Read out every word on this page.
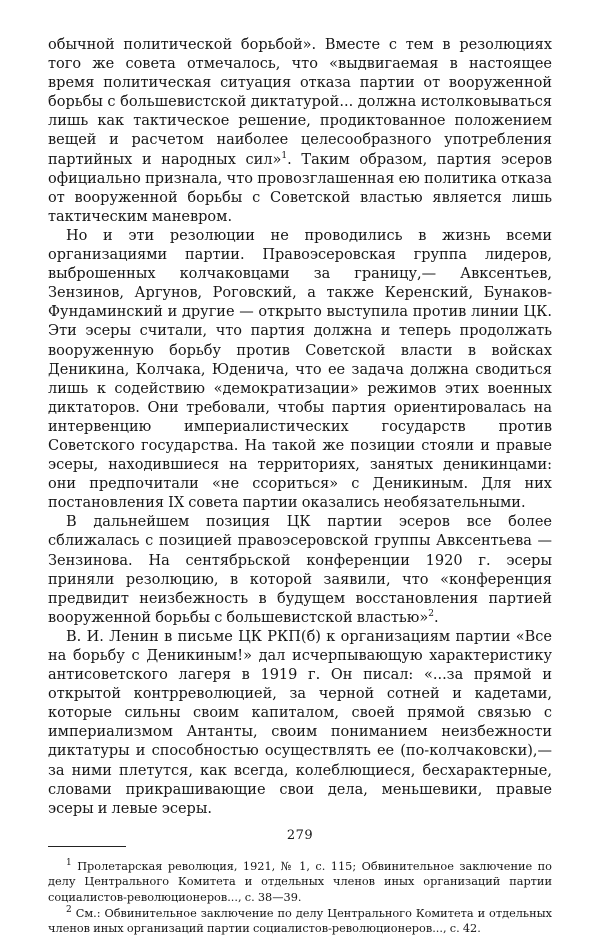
обычной политической борьбой». Вместе с тем в резолюциях того же совета отмечалось, что «выдвигаемая в настоящее время политическая ситуация отказа партии от вооруженной борьбы с большевистской диктатурой... должна истолковываться лишь как тактическое решение, продиктованное положением вещей и расчетом наиболее целесообразного употребления партийных и народных сил»$^1$. Таким образом, партия эсеров официально признала, что провозглашенная ею политика отказа от вооруженной борьбы с Советской властью является лишь тактическим маневром.

Но и эти резолюции не проводились в жизнь всеми организациями партии. Правоэсеровская группа лидеров, выброшенных колчаковцами за границу,— Авксентьев, Зензинов, Аргунов, Роговский, а также Керенский, Бунаков-Фундаминский и другие — открыто выступила против линии ЦК. Эти эсеры считали, что партия должна и теперь продолжать вооруженную борьбу против Советской власти в войсках Деникина, Колчака, Юденича, что ее задача должна сводиться лишь к содействию «демократизации» режимов этих военных диктаторов. Они требовали, чтобы партия ориентировалась на интервенцию империалистических государств против Советского государства. На такой же позиции стояли и правые эсеры, находившиеся на территориях, занятых деникинцами: они предпочитали «не ссориться» с Деникиным. Для них постановления IX совета партии оказались необязательными.

В дальнейшем позиция ЦК партии эсеров все более сближалась с позицией правоэсеровской группы Авксентьева — Зензинова. На сентябрьской конференции 1920 г. эсеры приняли резолюцию, в которой заявили, что «конференция предвидит неизбежность в будущем восстановления партией вооруженной борьбы с большевистской властью»$^2$.

В. И. Ленин в письме ЦК РКП(б) к организациям партии «Все на борьбу с Деникиным!» дал исчерпывающую характеристику антисоветского лагеря в 1919 г. Он писал: «...за прямой и открытой контрреволюцией, за черной сотней и кадетами, которые сильны своим капиталом, своей прямой связью с империализмом Антанты, своим пониманием неизбежности диктатуры и способностью осуществлять ее (по-колчаковски),— за ними плетутся, как всегда, колеблющиеся, бесхарактерные, словами прикрашивающие свои дела, меньшевики, правые эсеры и левые эсеры.

$^1$ Пролетарская революция, 1921, № 1, с. 115; Обвинительное заключение по делу Центрального Комитета и отдельных членов иных организаций партии социалистов-революционеров..., с. 38—39.

$^2$ См.: Обвинительное заключение по делу Центрального Комитета и отдельных членов иных организаций партии социалистов-революционеров..., с. 42.

279
